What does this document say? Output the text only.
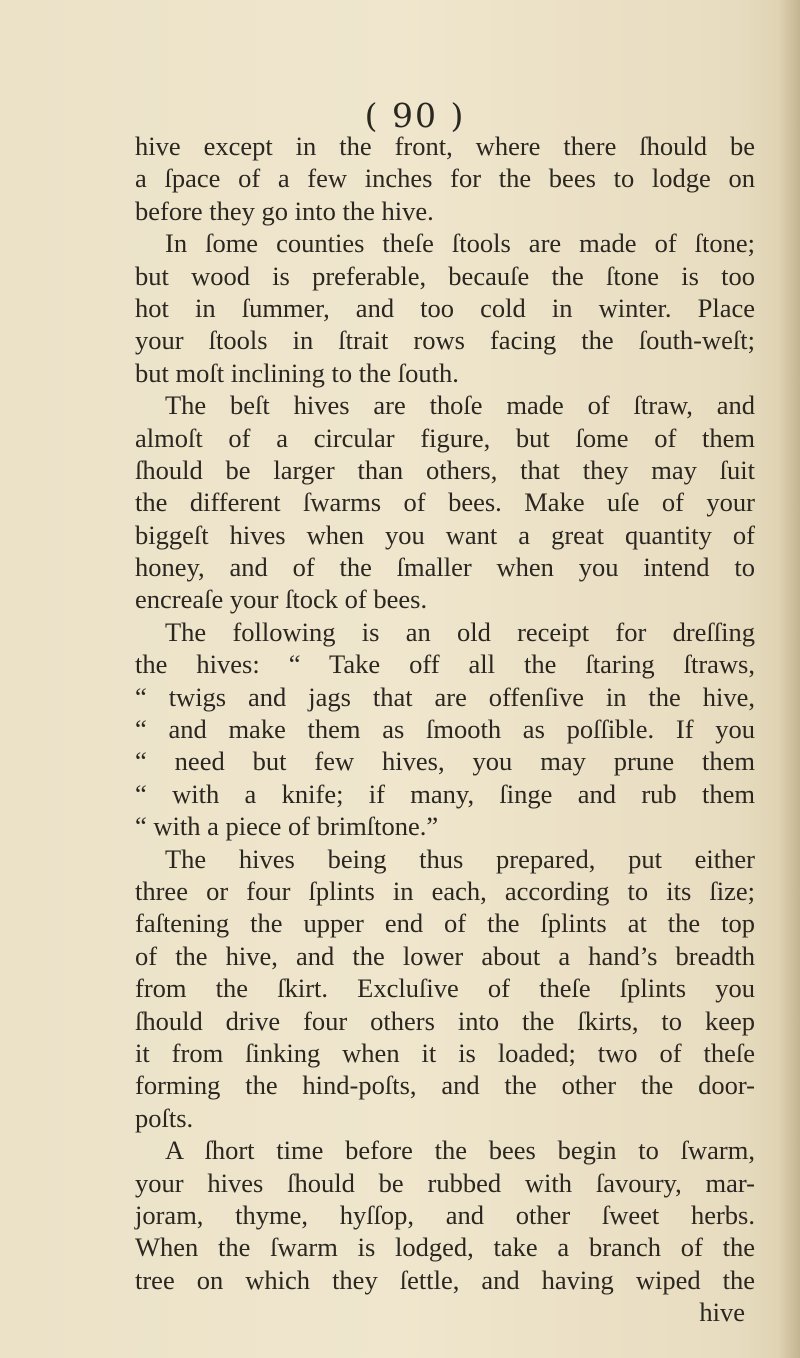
( 90 )
hive except in the front, where there ſhould be
a ſpace of a few inches for the bees to lodge on
before they go into the hive.
In ſome counties theſe ſtools are made of ſtone;
but wood is preferable, becauſe the ſtone is too
hot in ſummer, and too cold in winter. Place
your ſtools in ſtrait rows facing the ſouth-weſt;
but moſt inclining to the ſouth.
The beſt hives are thoſe made of ſtraw, and
almoſt of a circular figure, but ſome of them
ſhould be larger than others, that they may ſuit
the different ſwarms of bees. Make uſe of your
biggeſt hives when you want a great quantity of
honey, and of the ſmaller when you intend to
encreaſe your ſtock of bees.
The following is an old receipt for dreſſing
the hives: “ Take off all the ſtaring ſtraws,
“ twigs and jags that are offenſive in the hive,
“ and make them as ſmooth as poſſible. If you
“ need but few hives, you may prune them
“ with a knife; if many, ſinge and rub them
“ with a piece of brimſtone.”
The hives being thus prepared, put either
three or four ſplints in each, according to its ſize;
faſtening the upper end of the ſplints at the top
of the hive, and the lower about a hand’s breadth
from the ſkirt. Excluſive of theſe ſplints you
ſhould drive four others into the ſkirts, to keep
it from ſinking when it is loaded; two of theſe
forming the hind-poſts, and the other the door-
poſts.
A ſhort time before the bees begin to ſwarm,
your hives ſhould be rubbed with ſavoury, mar-
joram, thyme, hyſſop, and other ſweet herbs.
When the ſwarm is lodged, take a branch of the
tree on which they ſettle, and having wiped the
hive
